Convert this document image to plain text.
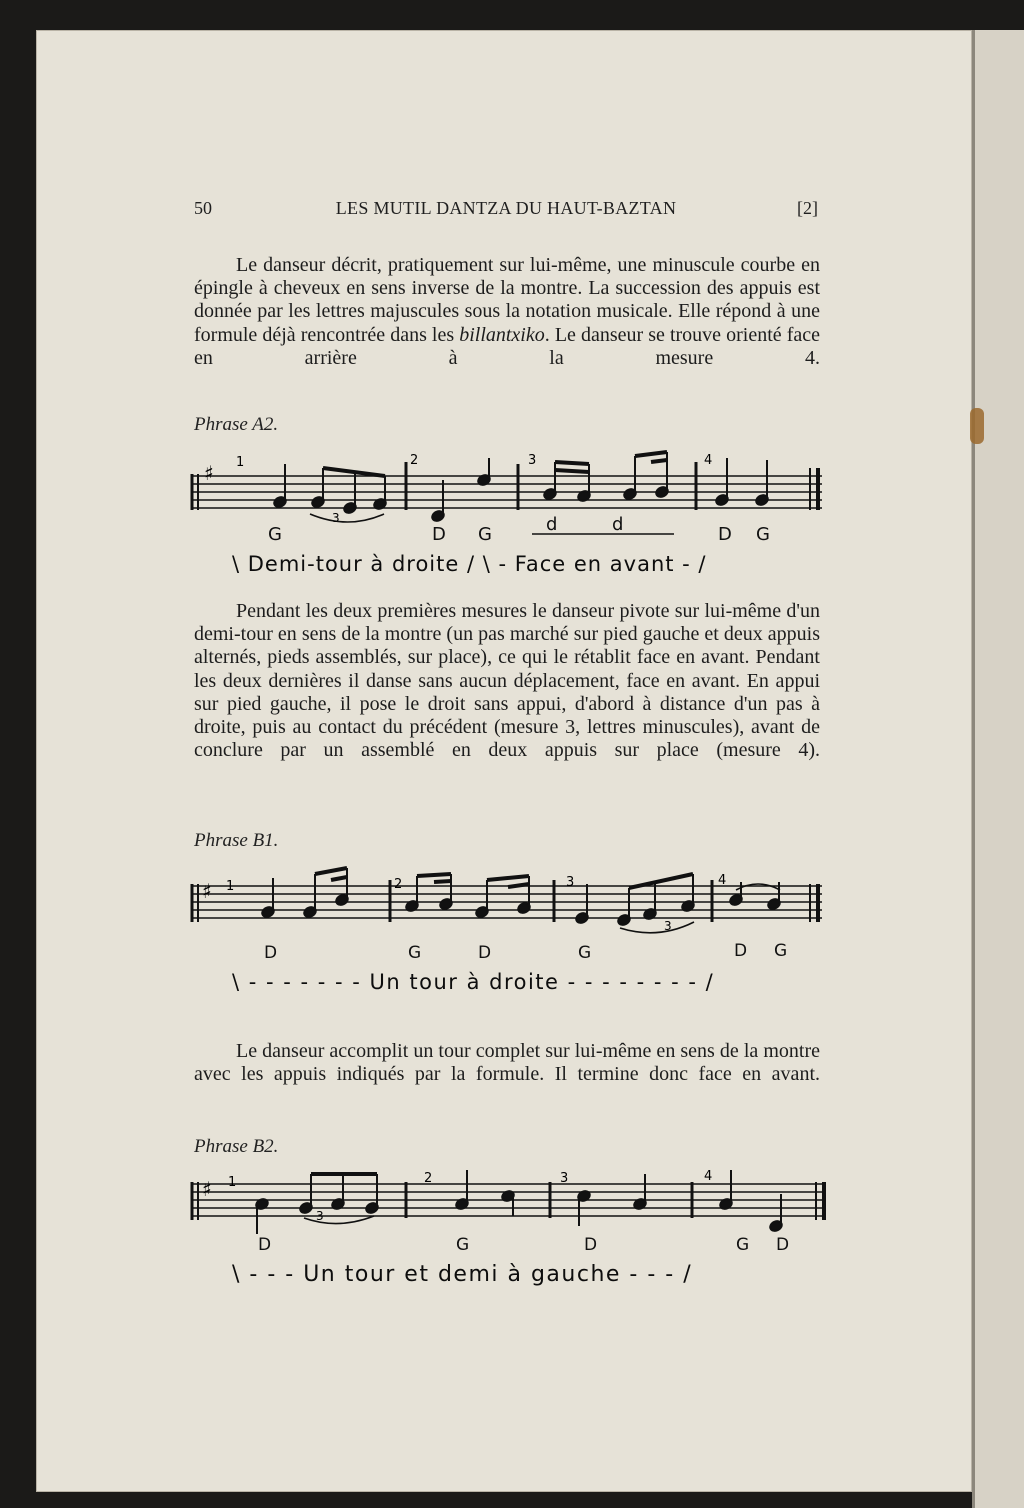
50	LES MUTIL DANTZA DU HAUT-BAZTAN	[2]

Le danseur décrit, pratiquement sur lui-même, une minuscule courbe en épingle à cheveux en sens inverse de la montre. La succession des appuis est donnée par les lettres majuscules sous la notation musicale. Elle répond à une formule déjà rencontrée dans les billantxiko. Le danseur se trouve orienté face en arrière à la mesure 4.

Phrase A2.
♯ 1	2	3	4
3
G	D G	d	d	D G
\ Demi-tour à droite / \ - Face en avant - /

Pendant les deux premières mesures le danseur pivote sur lui-même d'un demi-tour en sens de la montre (un pas marché sur pied gauche et deux appuis alternés, pieds assemblés, sur place), ce qui le rétablit face en avant. Pendant les deux dernières il danse sans aucun déplacement, face en avant. En appui sur pied gauche, il pose le droit sans appui, d'abord à distance d'un pas à droite, puis au contact du précédent (mesure 3, lettres minuscules), avant de conclure par un assemblé en deux appuis sur place (mesure 4).

Phrase B1.
♯ 1	2	3	4
3
D	G	D	G	D G
\ - - - - - - - Un tour à droite - - - - - - - - /

Le danseur accomplit un tour complet sur lui-même en sens de la montre avec les appuis indiqués par la formule. Il termine donc face en avant.

Phrase B2.
♯ 1	2	3	4
3
D	G	D	G D
\ - - - Un tour et demi à gauche - - - /
